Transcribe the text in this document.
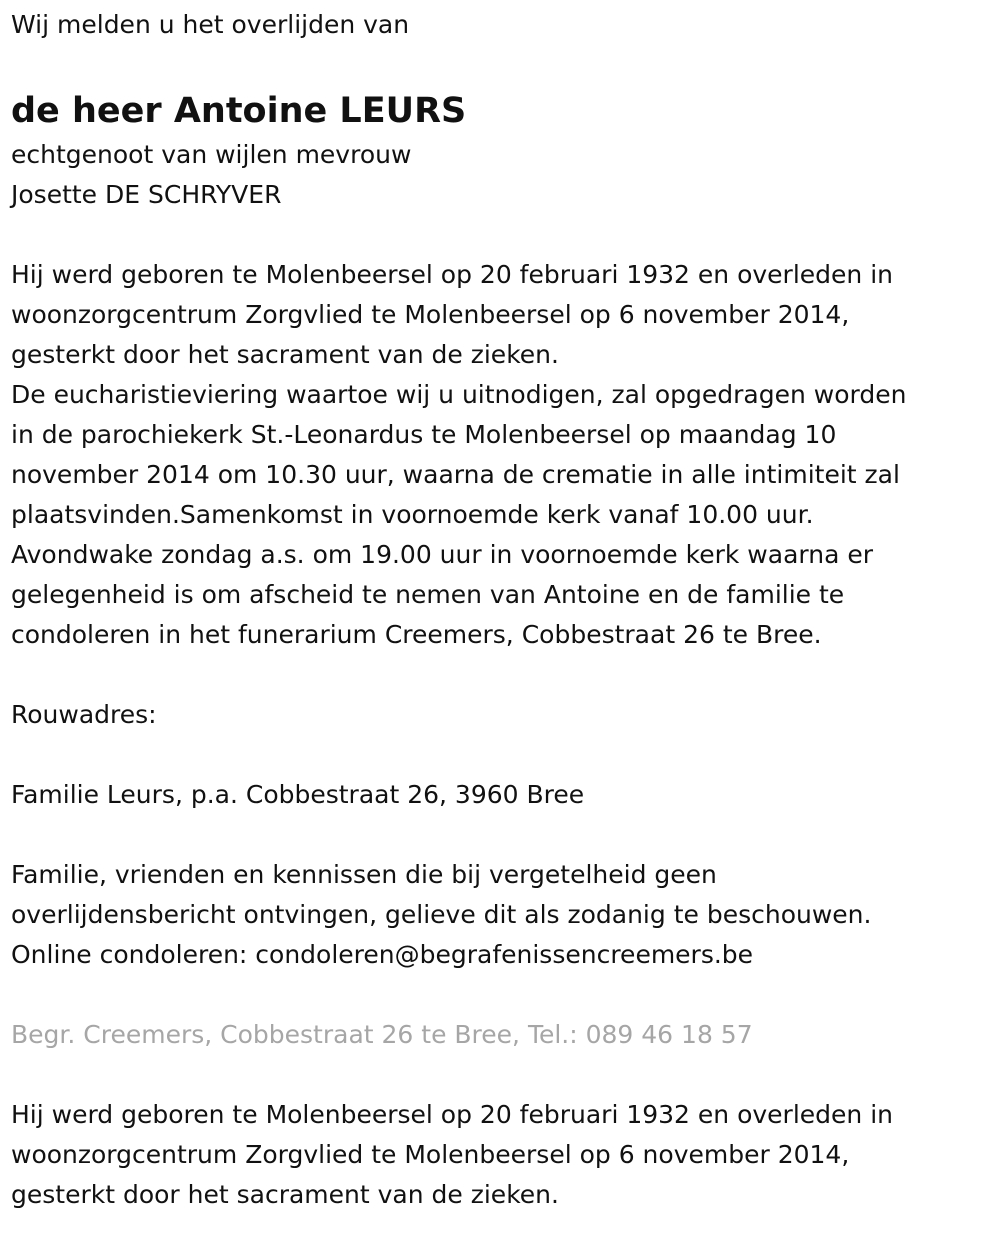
Wij melden u het overlijden van

de heer Antoine LEURS

echtgenoot van wijlen mevrouw

Josette DE SCHRYVER

Hij werd geboren te Molenbeersel op 20 februari 1932 en overleden in

woonzorgcentrum Zorgvlied te Molenbeersel op 6 november 2014,

gesterkt door het sacrament van de zieken.

De eucharistieviering waartoe wij u uitnodigen, zal opgedragen worden

in de parochiekerk St.-Leonardus te Molenbeersel op maandag 10

november 2014 om 10.30 uur, waarna de crematie in alle intimiteit zal

plaatsvinden.Samenkomst in voornoemde kerk vanaf 10.00 uur.

Avondwake zondag a.s. om 19.00 uur in voornoemde kerk waarna er

gelegenheid is om afscheid te nemen van Antoine en de familie te

condoleren in het funerarium Creemers, Cobbestraat 26 te Bree.

Rouwadres:

Familie Leurs, p.a. Cobbestraat 26, 3960 Bree

Familie, vrienden en kennissen die bij vergetelheid geen

overlijdensbericht ontvingen, gelieve dit als zodanig te beschouwen.

Online condoleren: condoleren@begrafenissencreemers.be

Begr. Creemers, Cobbestraat 26 te Bree, Tel.: 089 46 18 57

Hij werd geboren te Molenbeersel op 20 februari 1932 en overleden in

woonzorgcentrum Zorgvlied te Molenbeersel op 6 november 2014,

gesterkt door het sacrament van de zieken.
